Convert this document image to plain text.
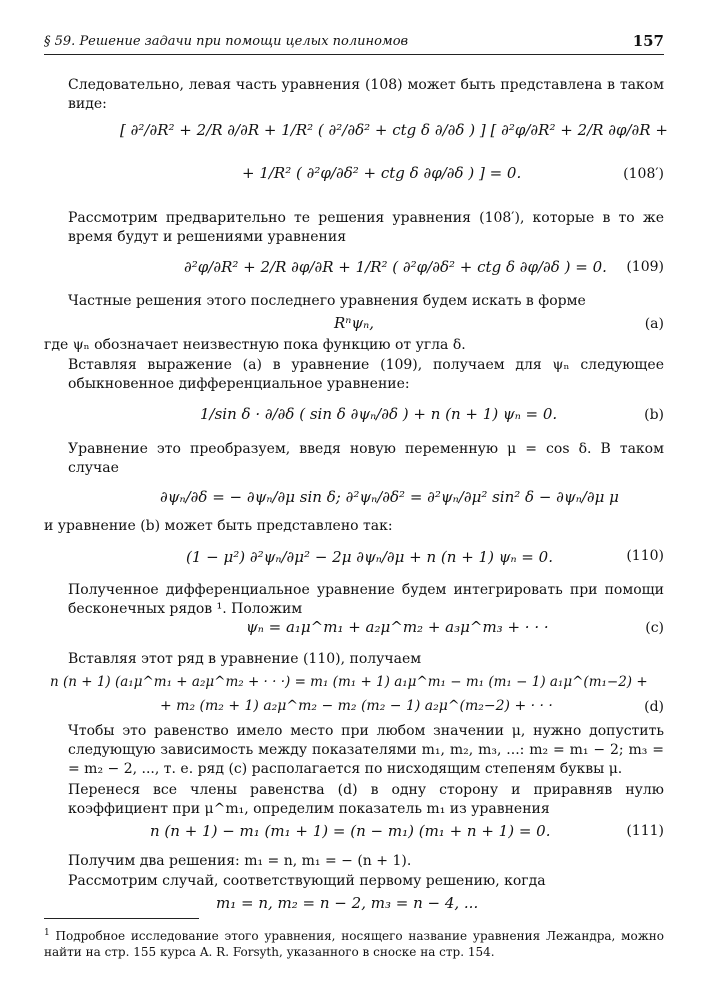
§ 59. Решение задачи при помощи целых полиномов	157
Следовательно, левая часть уравнения (108) может быть представлена в таком виде:
[ ∂²/∂R² + 2/R ∂/∂R + 1/R² ( ∂²/∂δ² + ctg δ ∂/∂δ ) ] [ ∂²φ/∂R² + 2/R ∂φ/∂R +
+ 1/R² ( ∂²φ/∂δ² + ctg δ ∂φ/∂δ ) ] = 0.	(108′)
Рассмотрим предварительно те решения уравнения (108′), которые в то же время будут и решениями уравнения
∂²φ/∂R² + 2/R ∂φ/∂R + 1/R² ( ∂²φ/∂δ² + ctg δ ∂φ/∂δ ) = 0. (109)
Частные решения этого последнего уравнения будем искать в форме
Rⁿψₙ,	(a)
где ψₙ обозначает неизвестную пока функцию от угла δ.
Вставляя выражение (a) в уравнение (109), получаем для ψₙ следующее обыкновенное дифференциальное уравнение:
1/sin δ · ∂/∂δ ( sin δ ∂ψₙ/∂δ ) + n (n + 1) ψₙ = 0.	(b)
Уравнение это преобразуем, введя новую переменную μ = cos δ. В таком случае
∂ψₙ/∂δ = − ∂ψₙ/∂μ sin δ; ∂²ψₙ/∂δ² = ∂²ψₙ/∂μ² sin² δ − ∂ψₙ/∂μ μ
и уравнение (b) может быть представлено так:
(1 − μ²) ∂²ψₙ/∂μ² − 2μ ∂ψₙ/∂μ + n (n + 1) ψₙ = 0.	(110)
Полученное дифференциальное уравнение будем интегрировать при помощи бесконечных рядов ¹. Положим
ψₙ = a₁μ^m₁ + a₂μ^m₂ + a₃μ^m₃ + · · ·	(c)
Вставляя этот ряд в уравнение (110), получаем
n (n + 1) (a₁μ^m₁ + a₂μ^m₂ + · · ·) = m₁ (m₁ + 1) a₁μ^m₁ − m₁ (m₁ − 1) a₁μ^(m₁−2) +
+ m₂ (m₂ + 1) a₂μ^m₂ − m₂ (m₂ − 1) a₂μ^(m₂−2) + · · ·	(d)
Чтобы это равенство имело место при любом значении μ, нужно допустить следующую зависимость между показателями m₁, m₂, m₃, ...: m₂ = m₁ − 2; m₃ = = m₂ − 2, ..., т. е. ряд (c) располагается по нисходящим степеням буквы μ.
Перенеся все члены равенства (d) в одну сторону и приравняв нулю коэффициент при μ^m₁, определим показатель m₁ из уравнения
n (n + 1) − m₁ (m₁ + 1) = (n − m₁) (m₁ + n + 1) = 0.	(111)
Получим два решения: m₁ = n, m₁ = − (n + 1).
Рассмотрим случай, соответствующий первому решению, когда
m₁ = n, m₂ = n − 2, m₃ = n − 4, ...
$^1$ Подробное исследование этого уравнения, носящего название уравнения Лежандра, можно найти на стр. 155 курса A. R. Forsyth, указанного в сноске на стр. 154.
